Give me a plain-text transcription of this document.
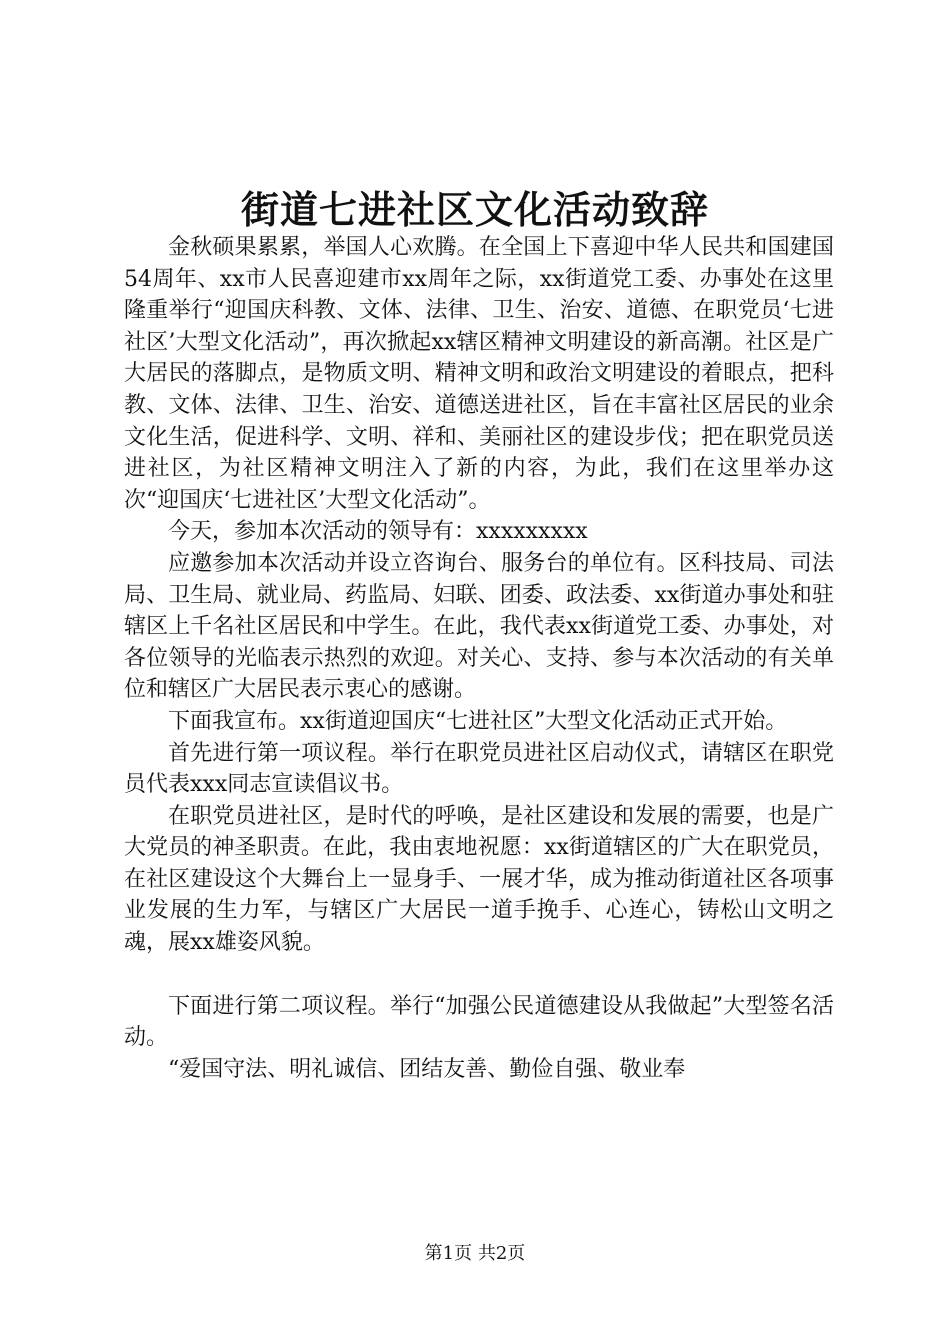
街道七进社区文化活动致辞

金秋硕果累累，举国人心欢腾。在全国上下喜迎中华人民共和国建国54周年、xx市人民喜迎建市xx周年之际，xx街道党工委、办事处在这里隆重举行“迎国庆科教、文体、法律、卫生、治安、道德、在职党员‘七进社区’大型文化活动”，再次掀起xx辖区精神文明建设的新高潮。社区是广大居民的落脚点，是物质文明、精神文明和政治文明建设的着眼点，把科教、文体、法律、卫生、治安、道德送进社区，旨在丰富社区居民的业余文化生活，促进科学、文明、祥和、美丽社区的建设步伐；把在职党员送进社区，为社区精神文明注入了新的内容，为此，我们在这里举办这次“迎国庆‘七进社区’大型文化活动”。

今天，参加本次活动的领导有：xxxxxxxxx

应邀参加本次活动并设立咨询台、服务台的单位有。区科技局、司法局、卫生局、就业局、药监局、妇联、团委、政法委、xx街道办事处和驻辖区上千名社区居民和中学生。在此，我代表xx街道党工委、办事处，对各位领导的光临表示热烈的欢迎。对关心、支持、参与本次活动的有关单位和辖区广大居民表示衷心的感谢。

下面我宣布。xx街道迎国庆“七进社区”大型文化活动正式开始。

首先进行第一项议程。举行在职党员进社区启动仪式，请辖区在职党员代表xxx同志宣读倡议书。

在职党员进社区，是时代的呼唤，是社区建设和发展的需要，也是广大党员的神圣职责。在此，我由衷地祝愿：xx街道辖区的广大在职党员，在社区建设这个大舞台上一显身手、一展才华，成为推动街道社区各项事业发展的生力军，与辖区广大居民一道手挽手、心连心，铸松山文明之魂，展xx雄姿风貌。

下面进行第二项议程。举行“加强公民道德建设从我做起”大型签名活动。

“爱国守法、明礼诚信、团结友善、勤俭自强、敬业奉

第1页 共2页
